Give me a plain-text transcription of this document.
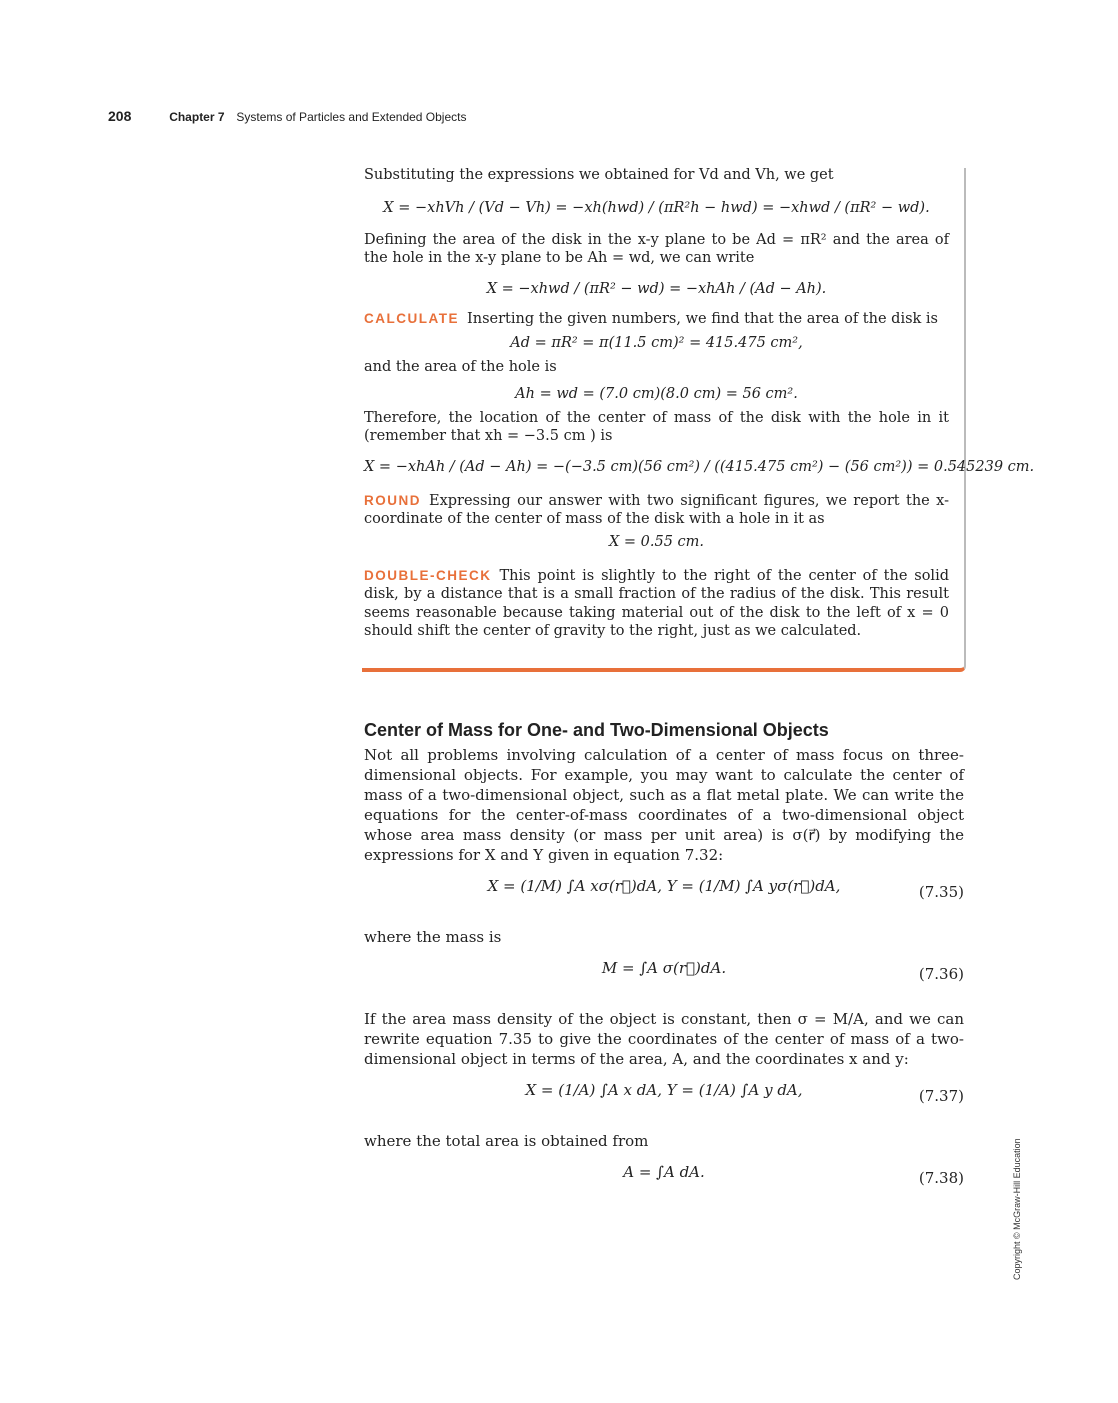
208	Chapter 7 Systems of Particles and Extended Objects

Substituting the expressions we obtained for Vd and Vh, we get

X = −xhVh / (Vd − Vh) = −xh(hwd) / (πR²h − hwd) = −xhwd / (πR² − wd).

Defining the area of the disk in the x-y plane to be Ad = πR² and the area of the hole in the x-y plane to be Ah = wd, we can write

X = −xhwd / (πR² − wd) = −xhAh / (Ad − Ah).

CALCULATE Inserting the given numbers, we find that the area of the disk is

Ad = πR² = π(11.5 cm)² = 415.475 cm²,

and the area of the hole is

Ah = wd = (7.0 cm)(8.0 cm) = 56 cm².

Therefore, the location of the center of mass of the disk with the hole in it (remember that xh = −3.5 cm ) is

X = −xhAh / (Ad − Ah) = −(−3.5 cm)(56 cm²) / ((415.475 cm²) − (56 cm²)) = 0.545239 cm.

ROUND Expressing our answer with two significant figures, we report the x-coordinate of the center of mass of the disk with a hole in it as

X = 0.55 cm.

DOUBLE-CHECK This point is slightly to the right of the center of the solid disk, by a distance that is a small fraction of the radius of the disk. This result seems reasonable because taking material out of the disk to the left of x = 0 should shift the center of gravity to the right, just as we calculated.

Center of Mass for One- and Two-Dimensional Objects

Not all problems involving calculation of a center of mass focus on three-dimensional objects. For example, you may want to calculate the center of mass of a two-dimensional object, such as a flat metal plate. We can write the equations for the center-of-mass coordinates of a two-dimensional object whose area mass density (or mass per unit area) is σ(r⃗) by modifying the expressions for X and Y given in equation 7.32:

X = (1/M) ∫A xσ(r⃗)dA, Y = (1/M) ∫A yσ(r⃗)dA,	(7.35)

where the mass is

M = ∫A σ(r⃗)dA.	(7.36)

If the area mass density of the object is constant, then σ = M/A, and we can rewrite equation 7.35 to give the coordinates of the center of mass of a two-dimensional object in terms of the area, A, and the coordinates x and y:

X = (1/A) ∫A x dA, Y = (1/A) ∫A y dA,	(7.37)

where the total area is obtained from

A = ∫A dA.	(7.38)	Copyright © McGraw-Hill Education
